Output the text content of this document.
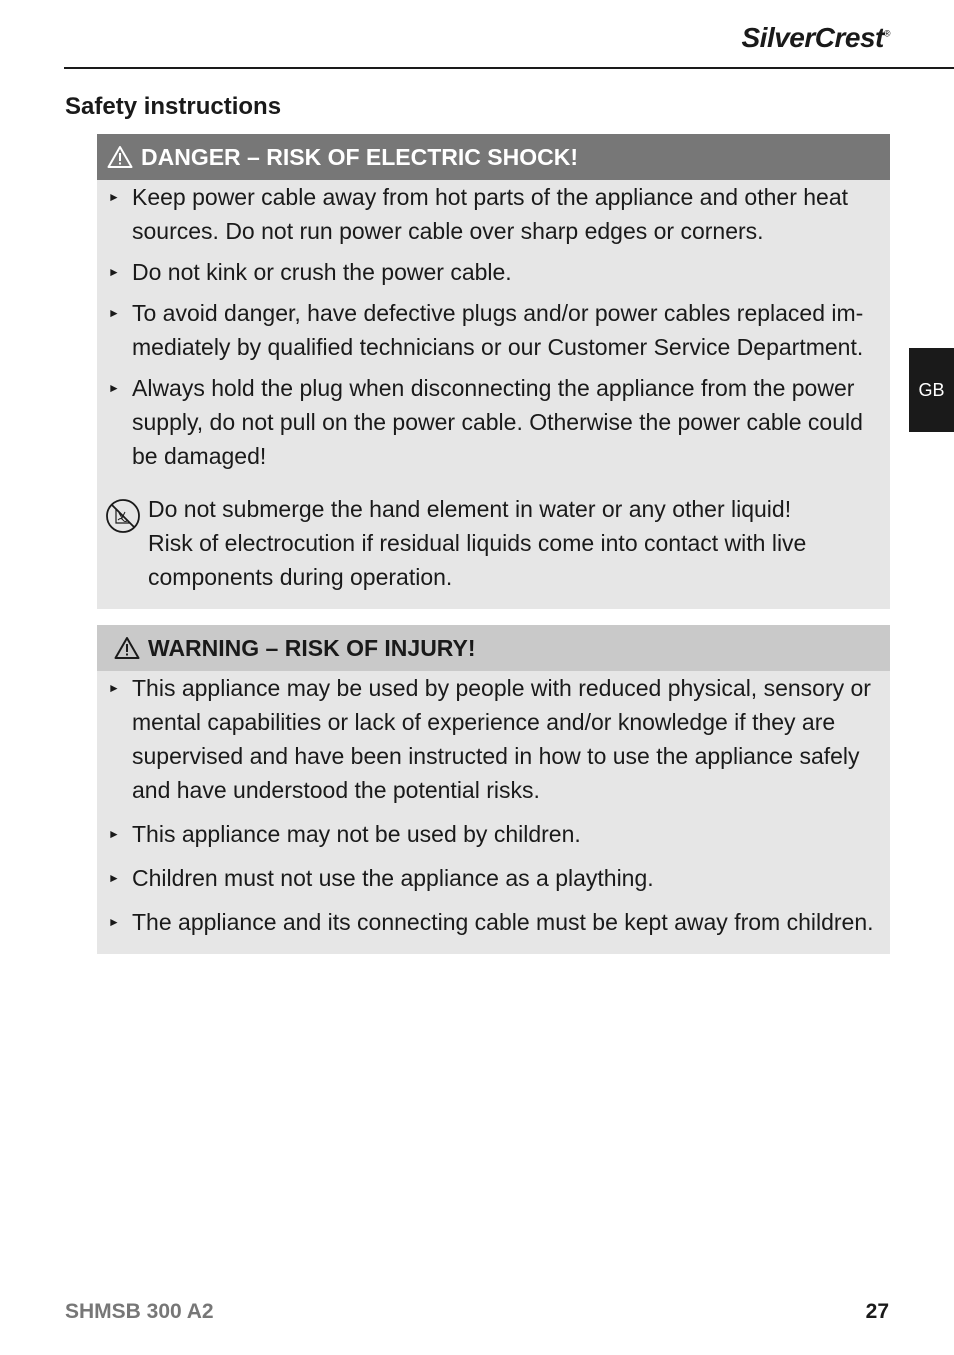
SilverCrest®
Safety instructions
DANGER – RISK OF ELECTRIC SHOCK!
► Keep power cable away from hot parts of the appliance and other heat sources. Do not run power cable over sharp edges or corners.
► Do not kink or crush the power cable.
► To avoid danger, have defective plugs and/or power cables replaced im-mediately by qualified technicians or our Customer Service Department.
► Always hold the plug when disconnecting the appliance from the power supply, do not pull on the power cable. Otherwise the power cable could be damaged!

Do not submerge the hand element in water or any other liquid!

Risk of electrocution if residual liquids come into contact with live components during operation.

WARNING – RISK OF INJURY!
► This appliance may be used by people with reduced physical, sensory or mental capabilities or lack of experience and/or knowledge if they are supervised and have been instructed in how to use the appliance safely and have understood the potential risks.
► This appliance may not be used by children.
► Children must not use the appliance as a plaything.
► The appliance and its connecting cable must be kept away from children.
GB
SHMSB 300 A2	27
